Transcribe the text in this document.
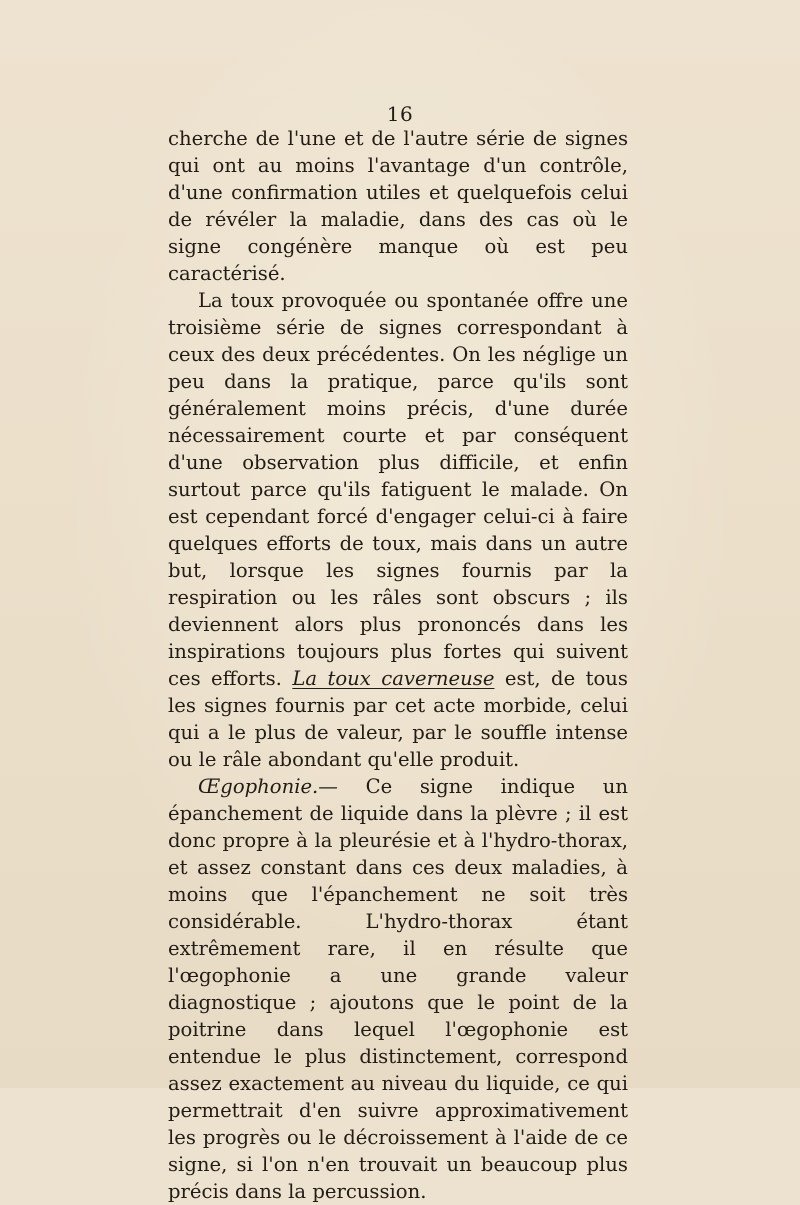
16

cherche de l'une et de l'autre série de signes qui ont au moins l'avantage d'un contrôle, d'une confirmation utiles et quelquefois celui de révéler la maladie, dans des cas où le signe congénère manque où est peu caractérisé.

La toux provoquée ou spontanée offre une troisième série de signes correspondant à ceux des deux précédentes. On les néglige un peu dans la pratique, parce qu'ils sont généralement moins précis, d'une durée nécessairement courte et par conséquent d'une observation plus difficile, et enfin surtout parce qu'ils fatiguent le malade. On est cependant forcé d'engager celui-ci à faire quelques efforts de toux, mais dans un autre but, lorsque les signes fournis par la respiration ou les râles sont obscurs ; ils deviennent alors plus prononcés dans les inspirations toujours plus fortes qui suivent ces efforts. La toux caverneuse est, de tous les signes fournis par cet acte morbide, celui qui a le plus de valeur, par le souffle intense ou le râle abondant qu'elle produit.

Œgophonie.— Ce signe indique un épanchement de liquide dans la plèvre ; il est donc propre à la pleurésie et à l'hydro-thorax, et assez constant dans ces deux maladies, à moins que l'épanchement ne soit très considérable. L'hydro-thorax étant extrêmement rare, il en résulte que l'œgophonie a une grande valeur diagnostique ; ajoutons que le point de la poitrine dans lequel l'œgophonie est entendue le plus distinctement, correspond assez exactement au niveau du liquide, ce qui permettrait d'en suivre approximativement les progrès ou le décroissement à l'aide de ce signe, si l'on n'en trouvait un beaucoup plus précis dans la percussion.
